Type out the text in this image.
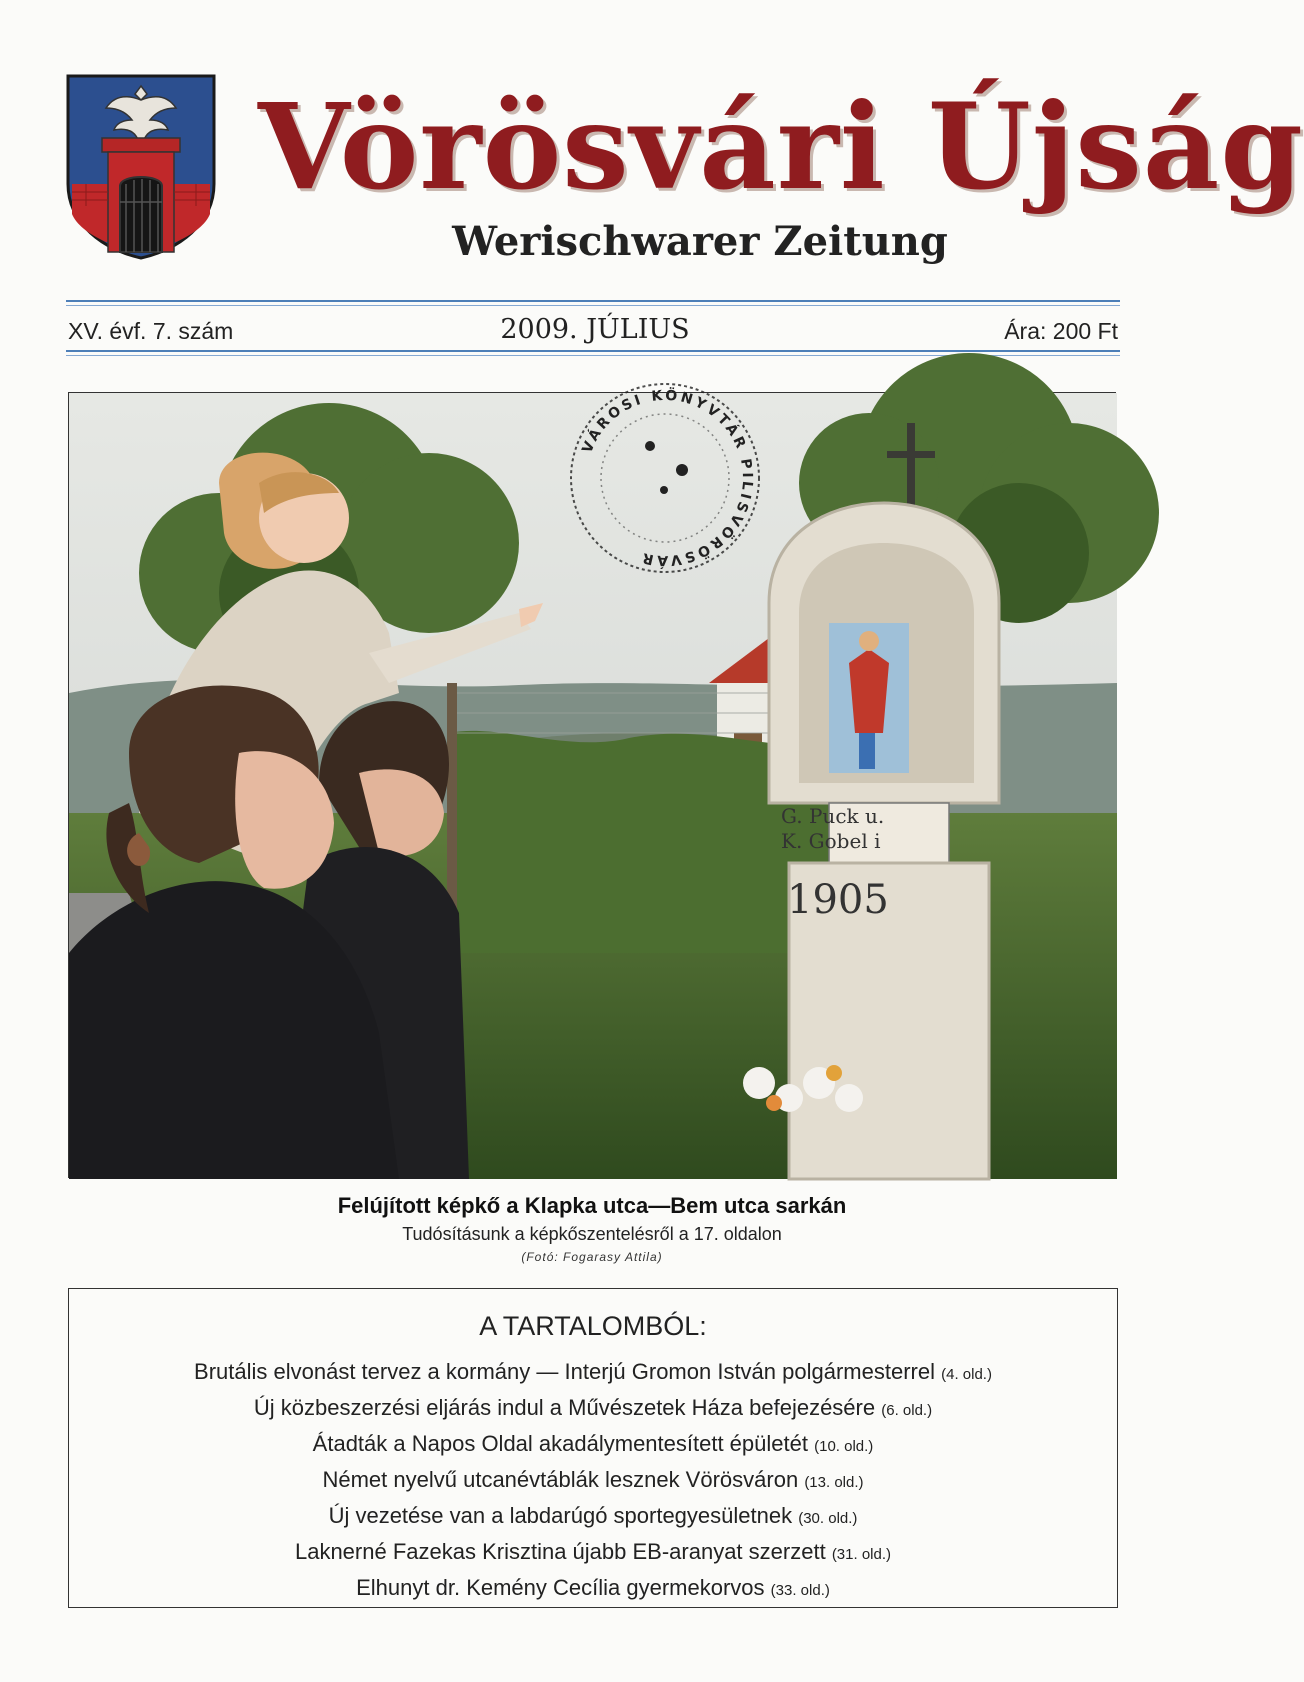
Vörösvári Újság
Werischwarer Zeitung
XV. évf. 7. szám	2009. JÚLIUS	Ára: 200 Ft
G. Puck u.
K. Gobel i
1905
VÁROSI KÖNYVTÁR PILISVÖRÖSVÁR
Felújított képkő a Klapka utca—Bem utca sarkán
Tudósításunk a képkőszentelésről a 17. oldalon
(Fotó: Fogarasy Attila)
A TARTALOMBÓL:
Brutális elvonást tervez a kormány — Interjú Gromon István polgármesterrel (4. old.)
Új közbeszerzési eljárás indul a Művészetek Háza befejezésére (6. old.)
Átadták a Napos Oldal akadálymentesített épületét (10. old.)
Német nyelvű utcanévtáblák lesznek Vörösváron (13. old.)
Új vezetése van a labdarúgó sportegyesületnek (30. old.)
Laknerné Fazekas Krisztina újabb EB-aranyat szerzett (31. old.)
Elhunyt dr. Kemény Cecília gyermekorvos (33. old.)
